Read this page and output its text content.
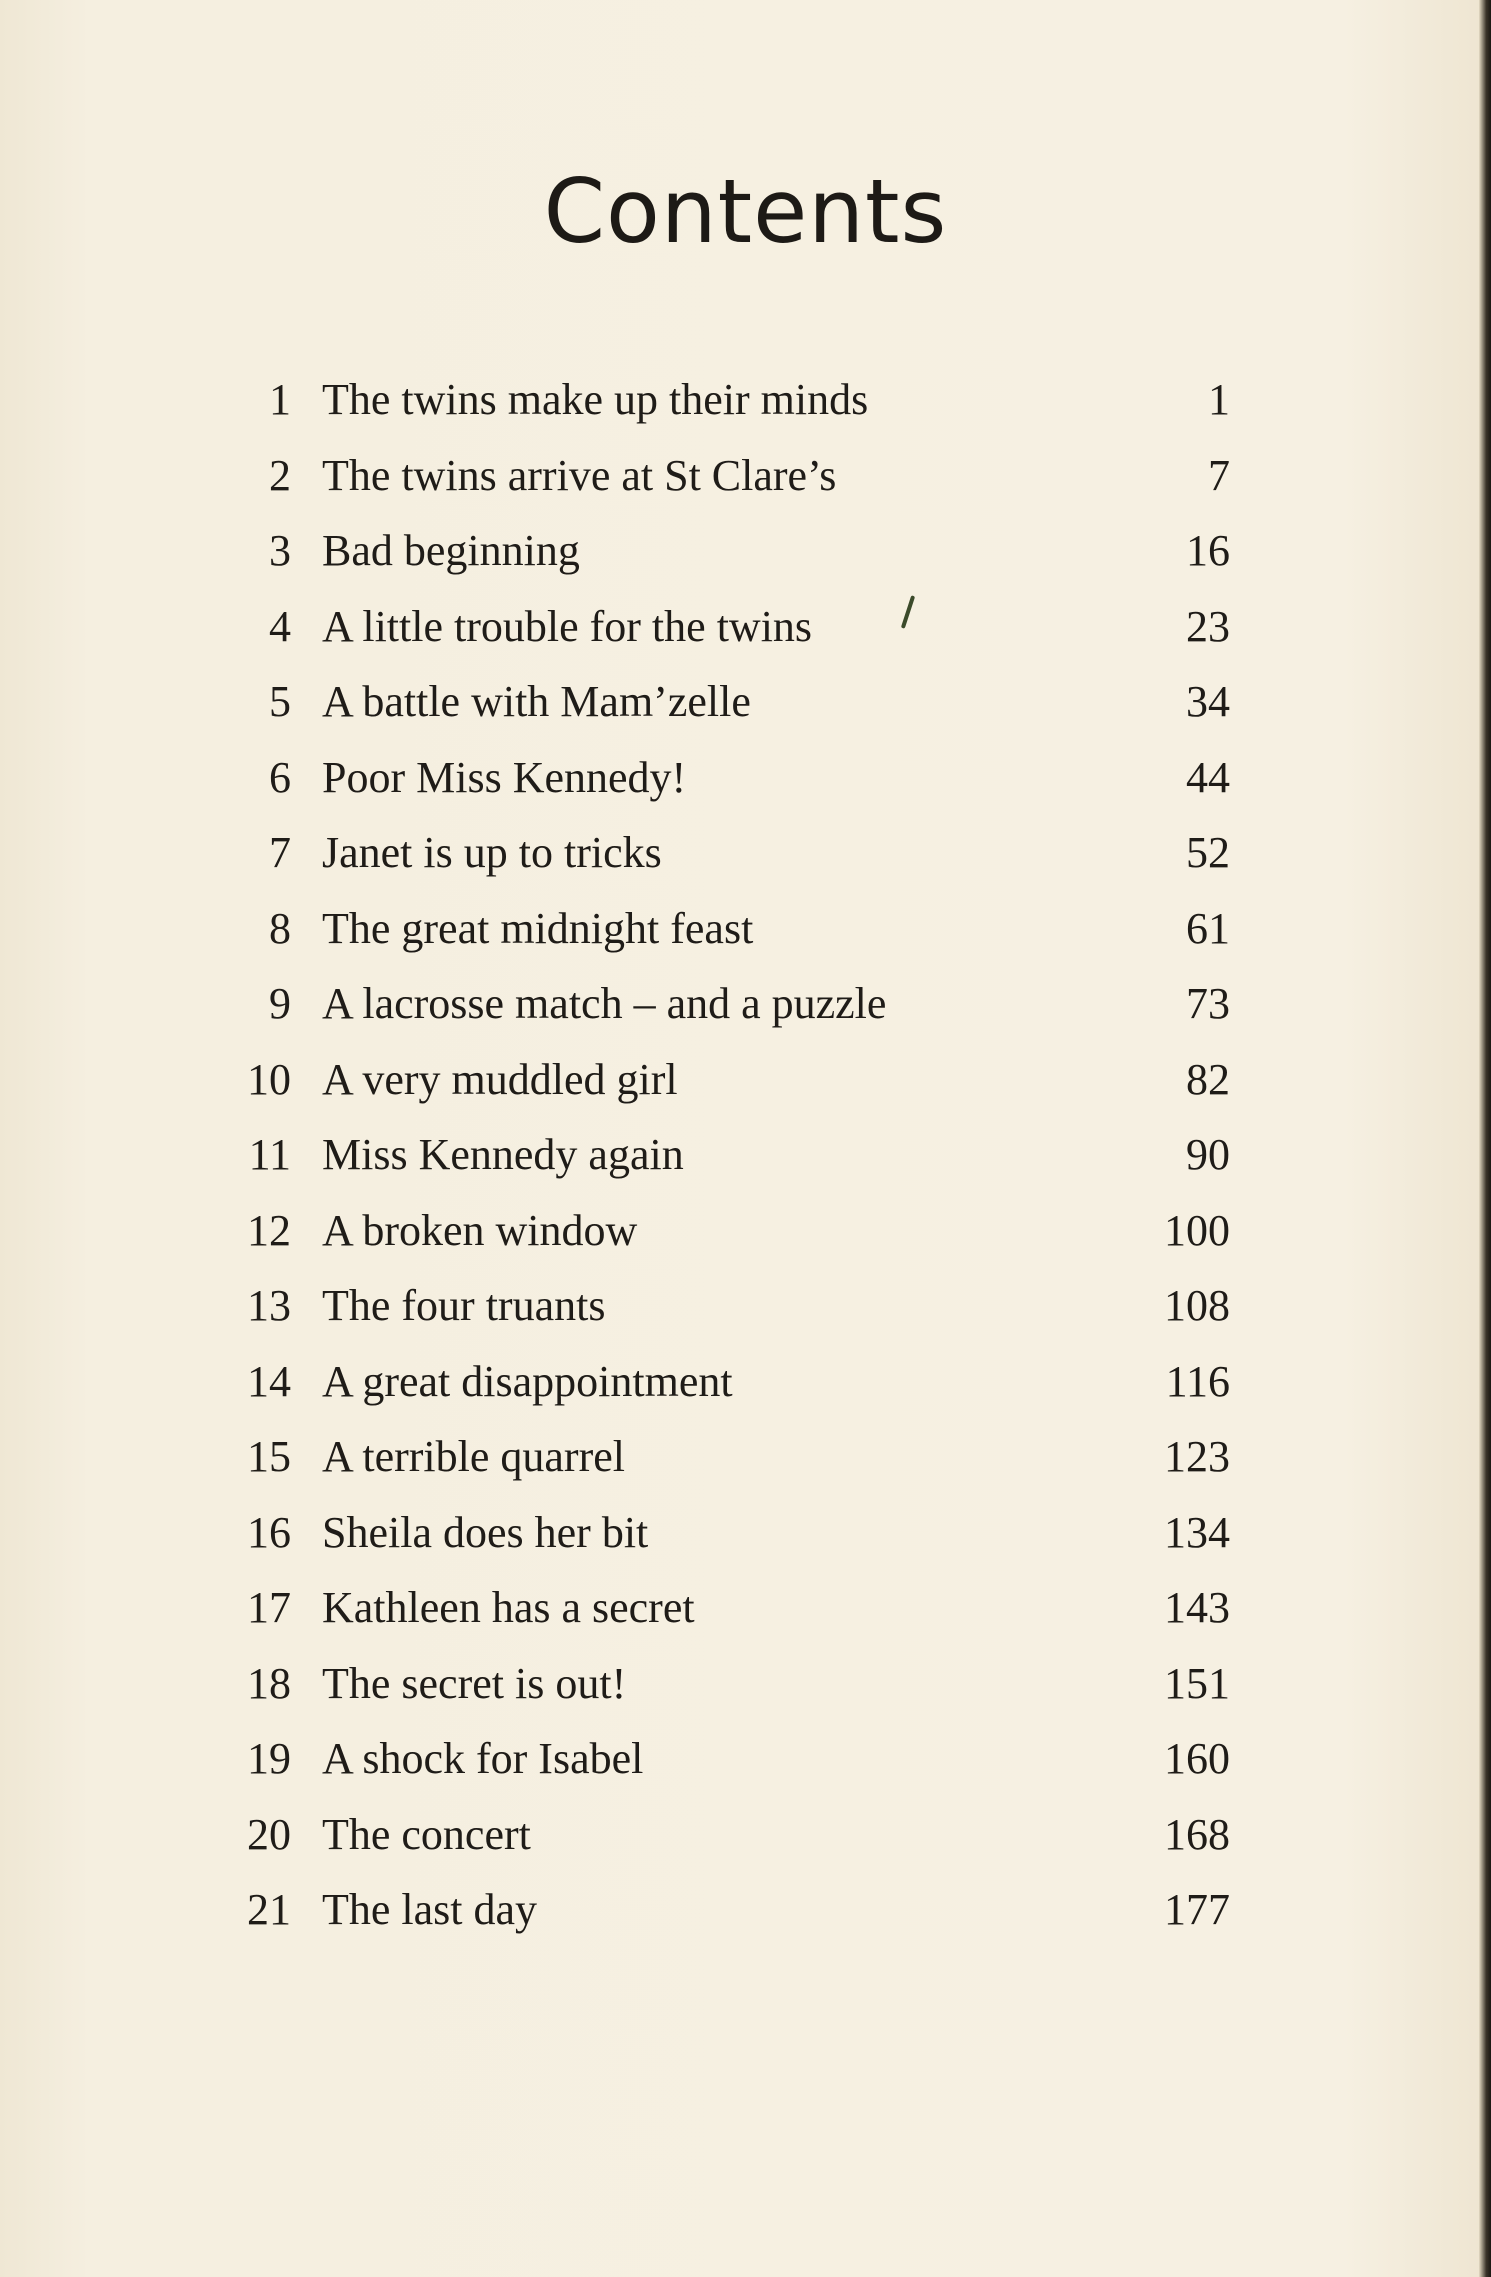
Contents
1 The twins make up their minds	1
2 The twins arrive at St Clare’s	7
3 Bad beginning	16
4 A little trouble for the twins	23
5 A battle with Mam’zelle	34
6 Poor Miss Kennedy!	44
7 Janet is up to tricks	52
8 The great midnight feast	61
9 A lacrosse match – and a puzzle	73
10 A very muddled girl	82
11 Miss Kennedy again	90
12 A broken window	100
13 The four truants	108
14 A great disappointment	116
15 A terrible quarrel	123
16 Sheila does her bit	134
17 Kathleen has a secret	143
18 The secret is out!	151
19 A shock for Isabel	160
20 The concert	168
21 The last day	177
